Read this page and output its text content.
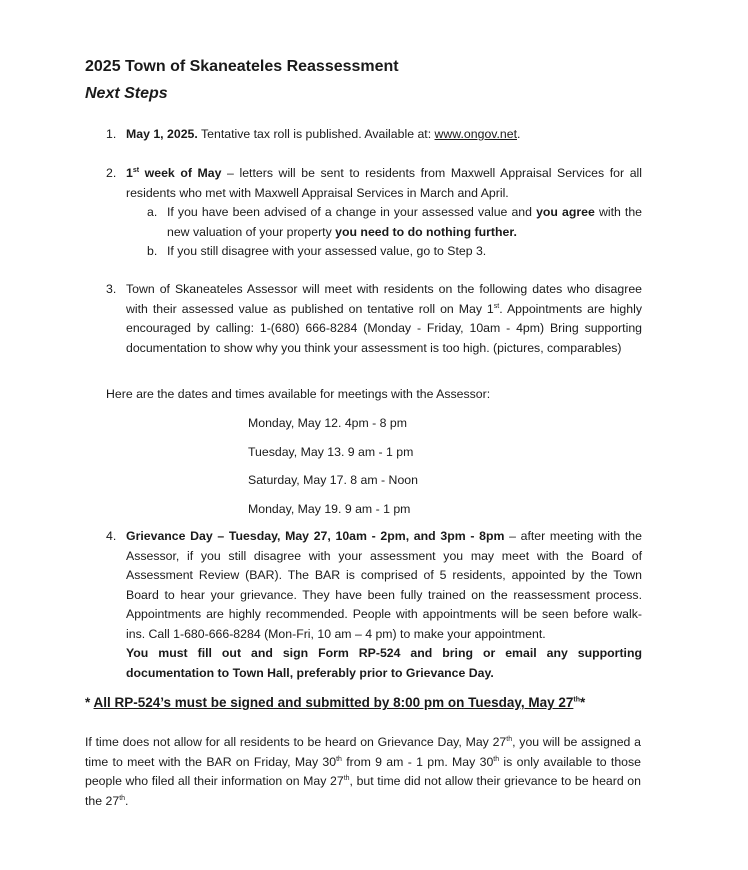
2025 Town of Skaneateles Reassessment
Next Steps
1. May 1, 2025. Tentative tax roll is published. Available at: www.ongov.net.
2. 1st week of May – letters will be sent to residents from Maxwell Appraisal Services for all residents who met with Maxwell Appraisal Services in March and April.
a. If you have been advised of a change in your assessed value and you agree with the new valuation of your property you need to do nothing further.
b. If you still disagree with your assessed value, go to Step 3.
3. Town of Skaneateles Assessor will meet with residents on the following dates who disagree with their assessed value as published on tentative roll on May 1st. Appointments are highly encouraged by calling: 1-(680) 666-8284 (Monday - Friday, 10am - 4pm) Bring supporting documentation to show why you think your assessment is too high. (pictures, comparables)
Here are the dates and times available for meetings with the Assessor:
Monday, May 12. 4pm - 8 pm
Tuesday, May 13. 9 am - 1 pm
Saturday, May 17. 8 am - Noon
Monday, May 19. 9 am - 1 pm
4. Grievance Day – Tuesday, May 27, 10am - 2pm, and 3pm - 8pm – after meeting with the Assessor, if you still disagree with your assessment you may meet with the Board of Assessment Review (BAR). The BAR is comprised of 5 residents, appointed by the Town Board to hear your grievance. They have been fully trained on the reassessment process. Appointments are highly recommended. People with appointments will be seen before walk-ins. Call 1-680-666-8284 (Mon-Fri, 10 am – 4 pm) to make your appointment.
You must fill out and sign Form RP-524 and bring or email any supporting documentation to Town Hall, preferably prior to Grievance Day.
* All RP-524’s must be signed and submitted by 8:00 pm on Tuesday, May 27th*
If time does not allow for all residents to be heard on Grievance Day, May 27th, you will be assigned a time to meet with the BAR on Friday, May 30th from 9 am - 1 pm. May 30th is only available to those people who filed all their information on May 27th, but time did not allow their grievance to be heard on the 27th.
